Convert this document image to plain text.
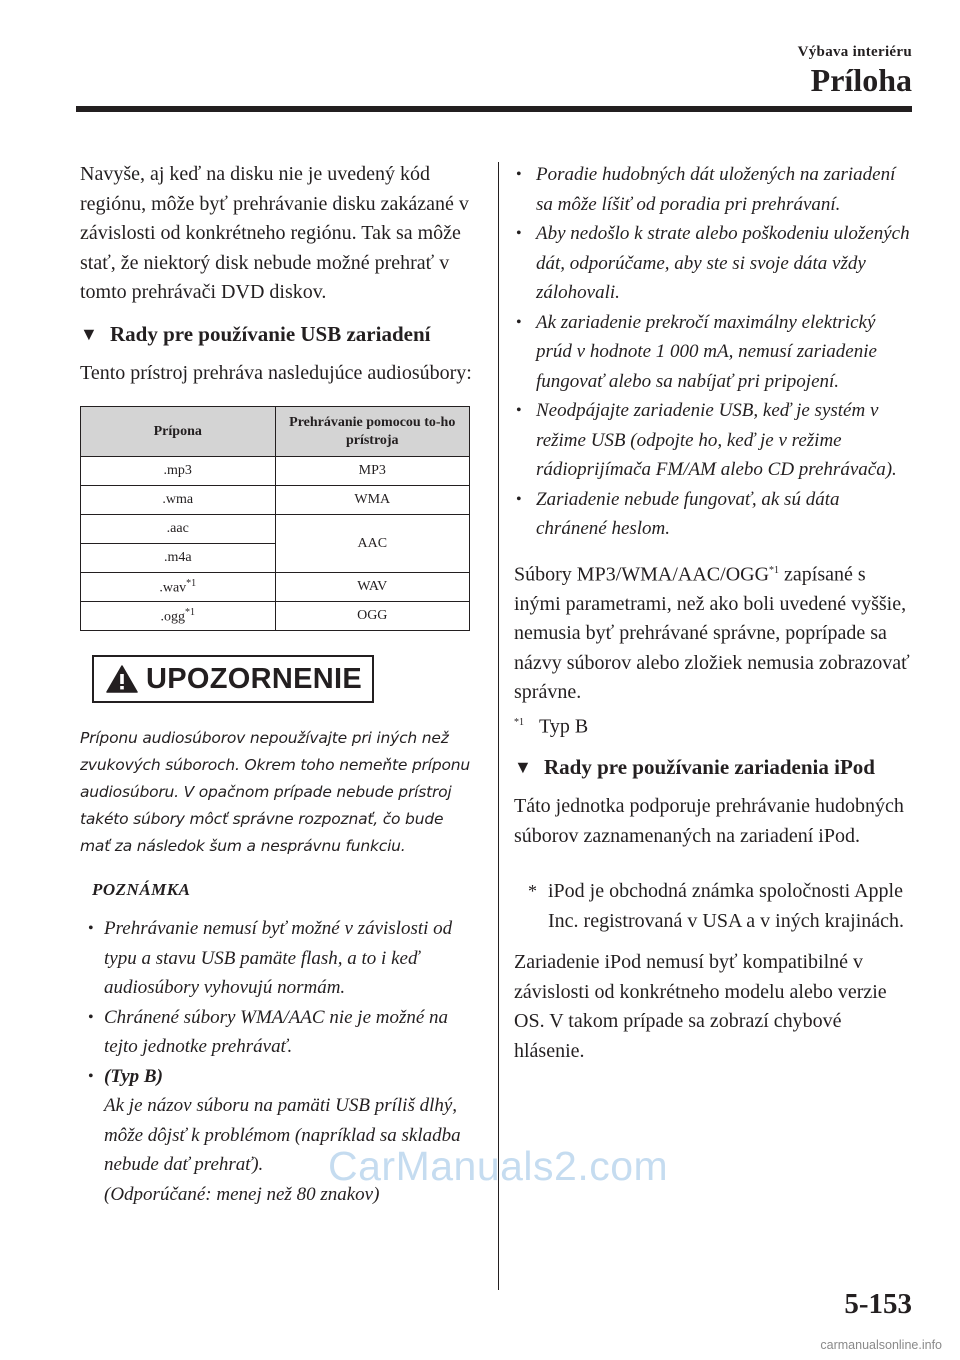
Výbava interiéru
Príloha

Navyše, aj keď na disku nie je uvedený kód regiónu, môže byť prehrávanie disku zakázané v závislosti od konkrétneho regiónu. Tak sa môže stať, že niektorý disk nebude možné prehrať v tomto prehrávači DVD diskov.

▼ Rady pre používanie USB zariadení

Tento prístroj prehráva nasledujúce audiosúbory:

Prípona	Prehrávanie pomocou to-ho prístroja
.mp3	MP3
.wma	WMA
.aac	AAC
.m4a	
.wav$^{*1}$	WAV
.ogg$^{*1}$	OGG
UPOZORNENIE

Príponu audiosúborov nepoužívajte pri iných než zvukových súboroch. Okrem toho nemeňte príponu audiosúboru. V opačnom prípade nebude prístroj takéto súbory môcť správne rozpoznať, čo bude mať za následok šum a nesprávnu funkciu.

POZNÁMKA
• Prehrávanie nemusí byť možné v závislosti od typu a stavu USB pamäte flash, a to i keď audiosúbory vyhovujú normám.
• Chránené súbory WMA/AAC nie je možné na tejto jednotke prehrávať.
• (Typ B)
Ak je názov súboru na pamäti USB príliš dlhý, môže dôjsť k problémom (napríklad sa skladba nebude dať prehrať).
(Odporúčané: menej než 80 znakov)
• Poradie hudobných dát uložených na zariadení sa môže líšiť od poradia pri prehrávaní.
• Aby nedošlo k strate alebo poškodeniu uložených dát, odporúčame, aby ste si svoje dáta vždy zálohovali.
• Ak zariadenie prekročí maximálny elektrický prúd v hodnote 1 000 mA, nemusí zariadenie fungovať alebo sa nabíjať pri pripojení.
• Neodpájajte zariadenie USB, keď je systém v režime USB (odpojte ho, keď je v režime rádioprijímača FM/AM alebo CD prehrávača).
• Zariadenie nebude fungovať, ak sú dáta chránené heslom.

Súbory MP3/WMA/AAC/OGG$^{*1}$ zapísané s inými parametrami, než ako boli uvedené vyššie, nemusia byť prehrávané správne, poprípade sa názvy súborov alebo zložiek nemusia zobrazovať správne.

$^{*1}$ Typ B

▼ Rady pre používanie zariadenia iPod

Táto jednotka podporuje prehrávanie hudobných súborov zaznamenaných na zariadení iPod.

* iPod je obchodná známka spoločnosti Apple Inc. registrovaná v USA a v iných krajinách.

Zariadenie iPod nemusí byť kompatibilné v závislosti od konkrétneho modelu alebo verzie OS. V takom prípade sa zobrazí chybové hlásenie.

CarManuals2.com
5-153
carmanualsonline.info
